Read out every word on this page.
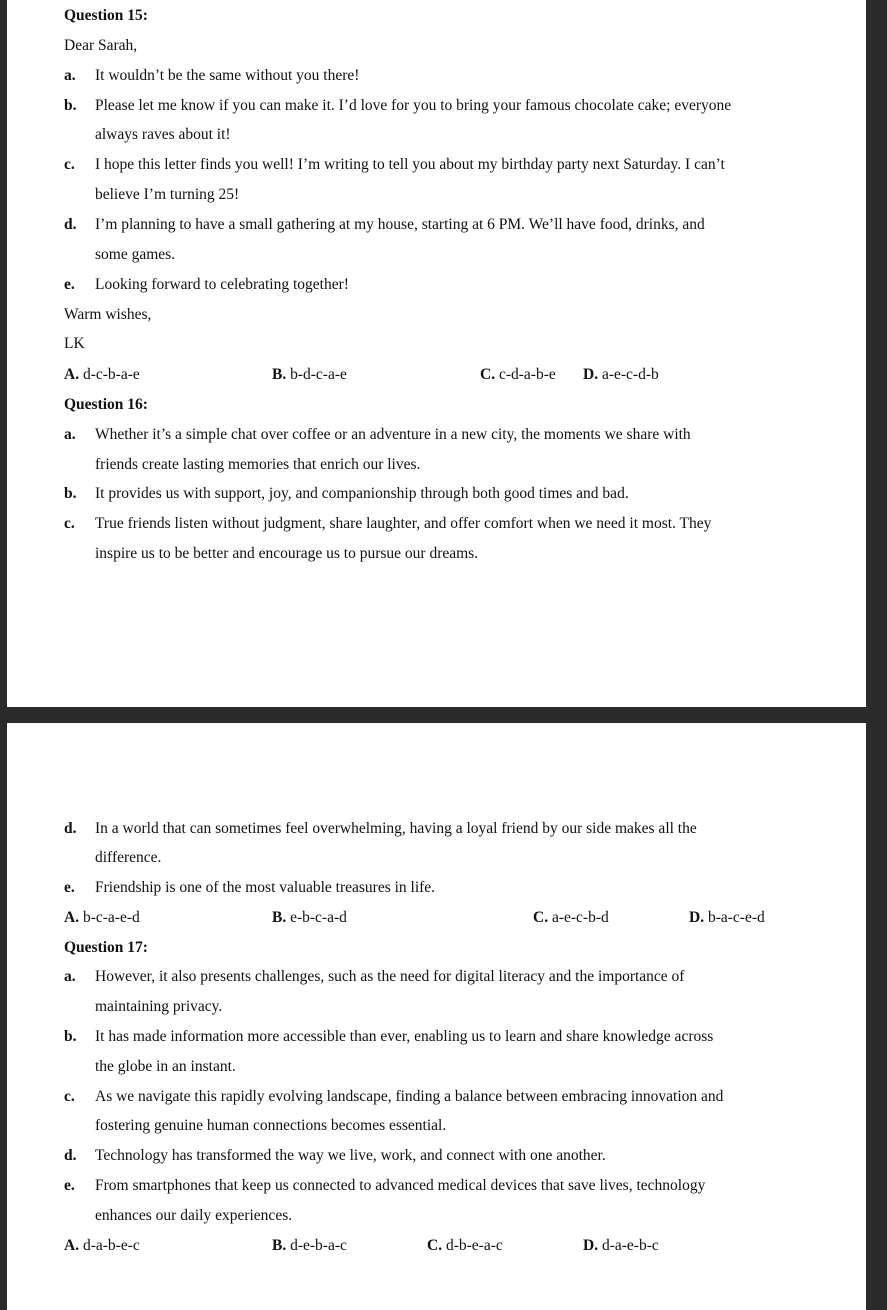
Question 15:
Dear Sarah,
a. It wouldn’t be the same without you there!
b. Please let me know if you can make it. I’d love for you to bring your famous chocolate cake; everyone
always raves about it!
c. I hope this letter finds you well! I’m writing to tell you about my birthday party next Saturday. I can’t
believe I’m turning 25!
d. I’m planning to have a small gathering at my house, starting at 6 PM. We’ll have food, drinks, and
some games.
e. Looking forward to celebrating together!
Warm wishes,
LK
A. d-c-b-a-e	B. b-d-c-a-e	C. c-d-a-b-e D. a-e-c-d-b
Question 16:
a. Whether it’s a simple chat over coffee or an adventure in a new city, the moments we share with
friends create lasting memories that enrich our lives.
b. It provides us with support, joy, and companionship through both good times and bad.
c. True friends listen without judgment, share laughter, and offer comfort when we need it most. They
inspire us to be better and encourage us to pursue our dreams.
d. In a world that can sometimes feel overwhelming, having a loyal friend by our side makes all the
difference.
e. Friendship is one of the most valuable treasures in life.
A. b-c-a-e-d	B. e-b-c-a-d	C. a-e-c-b-d	D. b-a-c-e-d
Question 17:
a. However, it also presents challenges, such as the need for digital literacy and the importance of
maintaining privacy.
b. It has made information more accessible than ever, enabling us to learn and share knowledge across
the globe in an instant.
c. As we navigate this rapidly evolving landscape, finding a balance between embracing innovation and
fostering genuine human connections becomes essential.
d. Technology has transformed the way we live, work, and connect with one another.
e. From smartphones that keep us connected to advanced medical devices that save lives, technology
enhances our daily experiences.
A. d-a-b-e-c	B. d-e-b-a-c	C. d-b-e-a-c	D. d-a-e-b-c
